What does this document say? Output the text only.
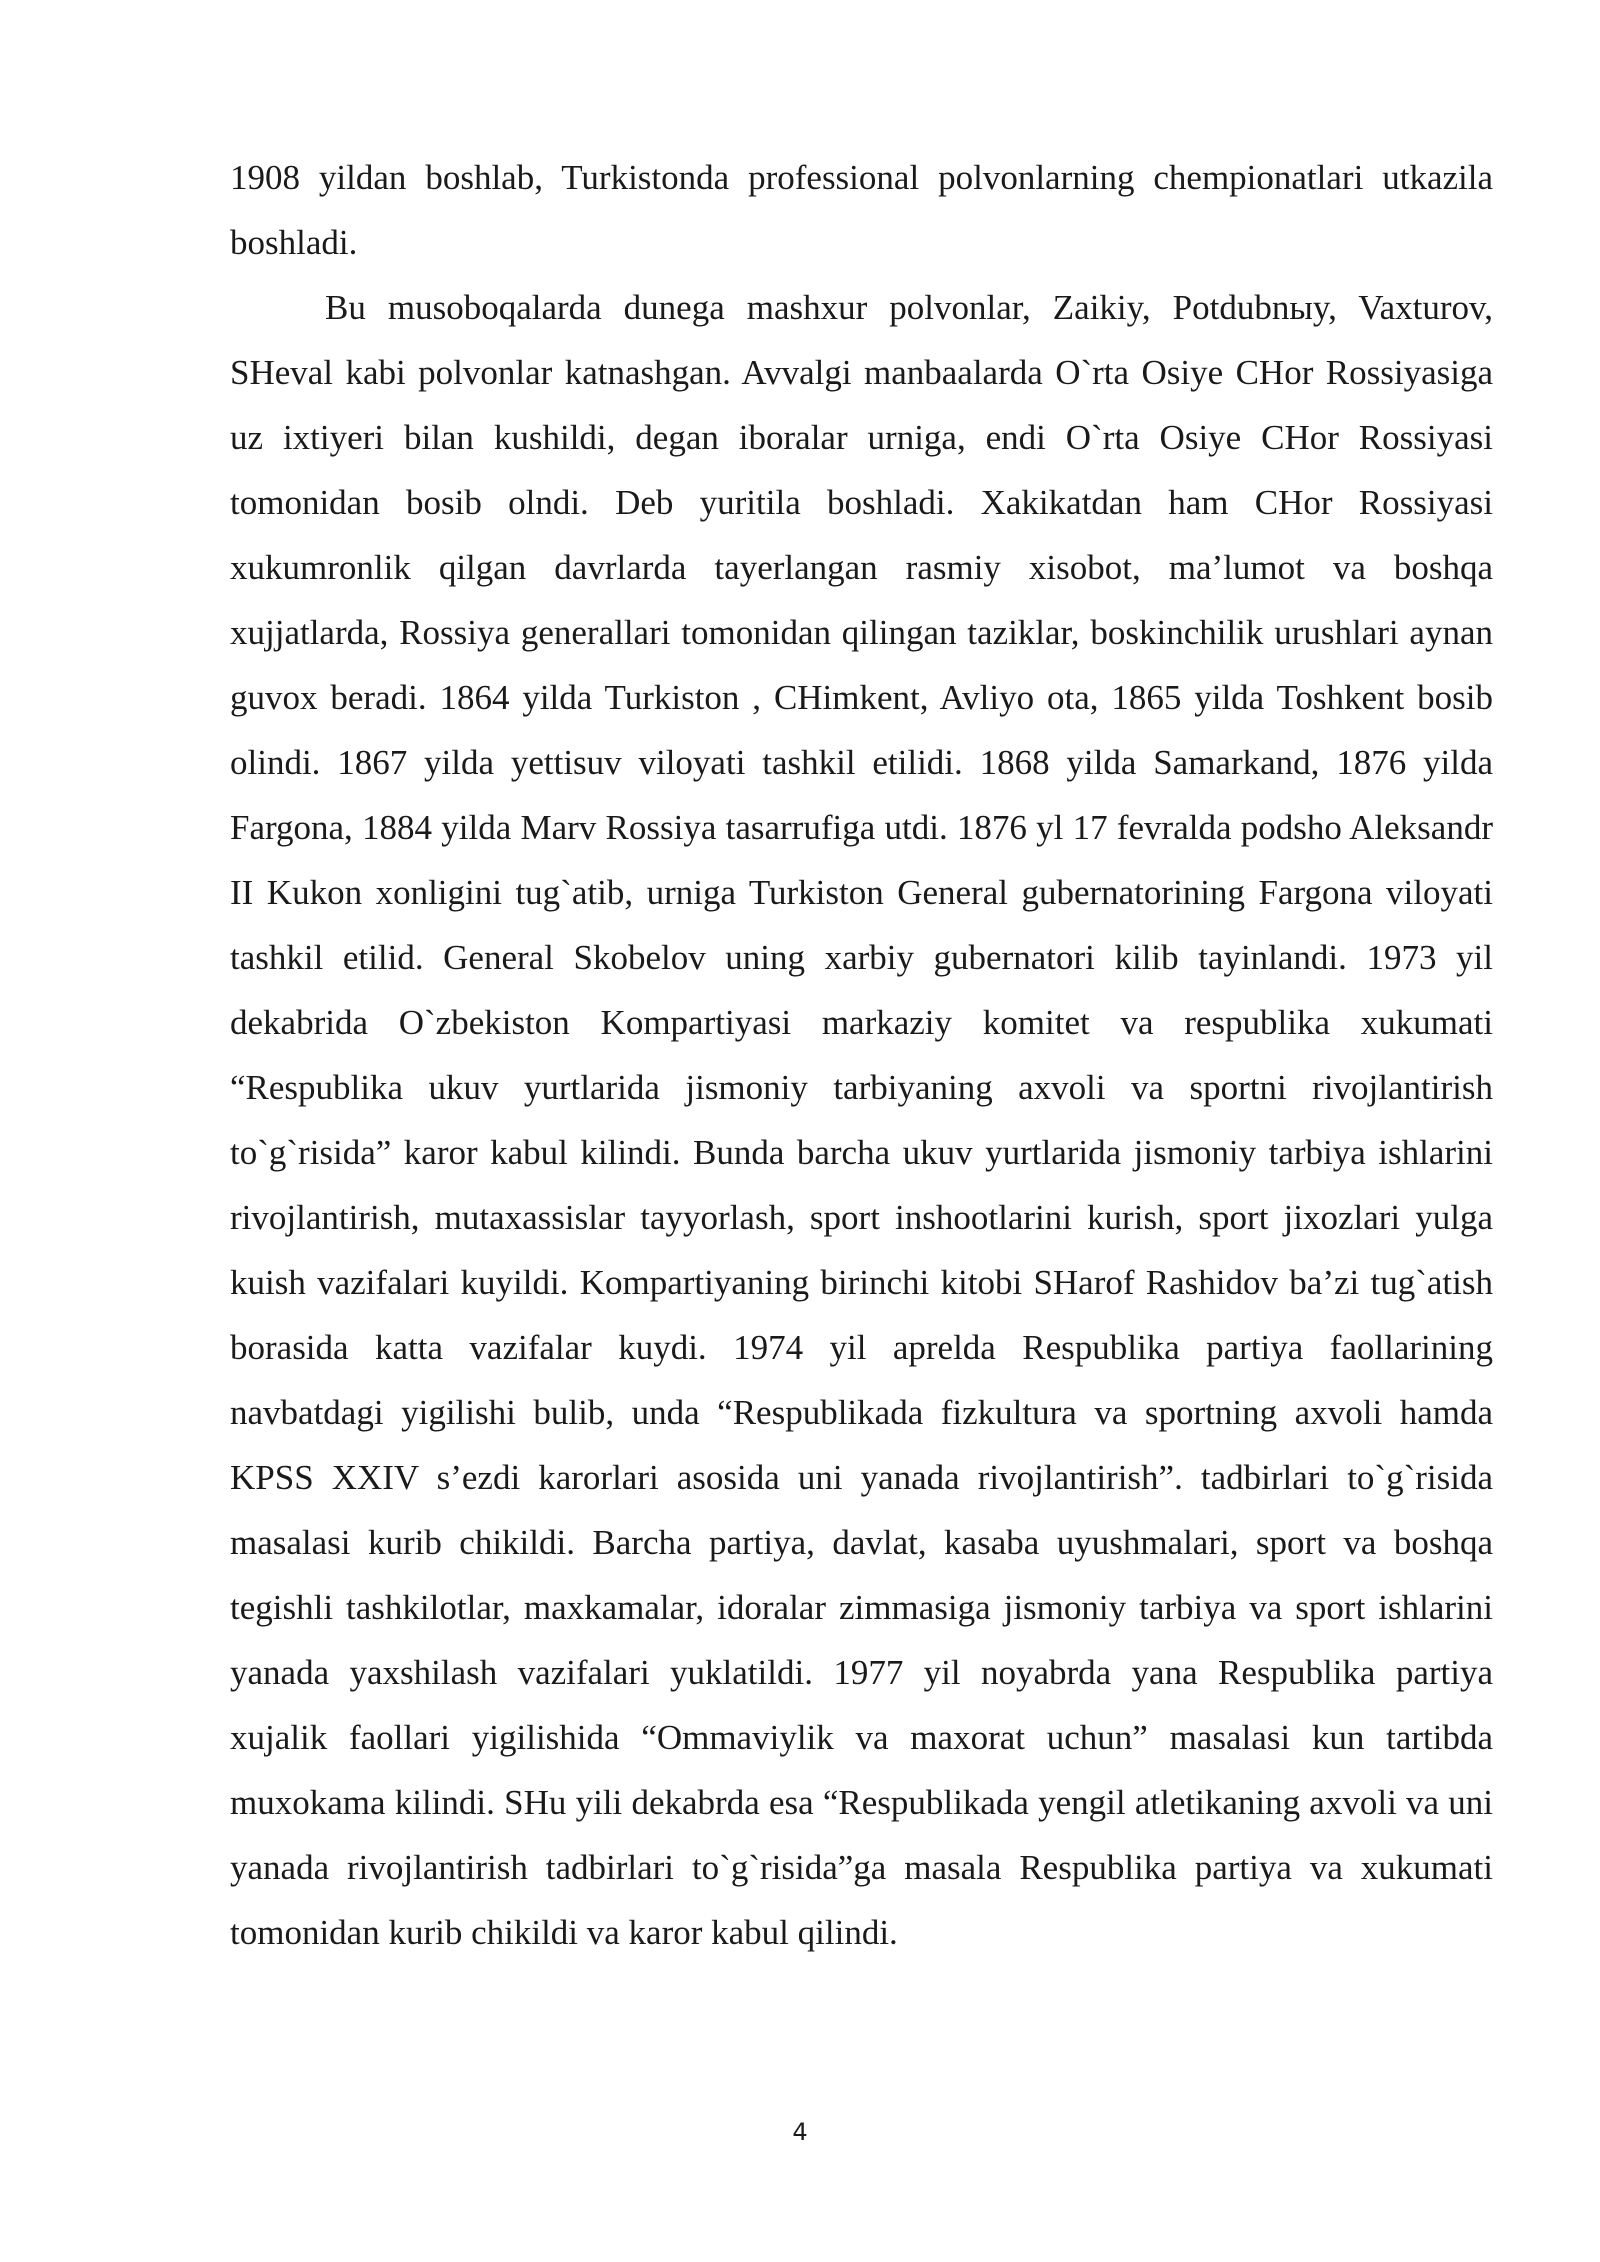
1908 yildan boshlab, Turkistonda professional polvonlarning chempionatlari utkazila boshladi.

Bu musoboqalarda dunega mashxur polvonlar, Zaikiy, Potdubnыy, Vaxturov, SHeval kabi polvonlar katnashgan. Avvalgi manbaalarda O`rta Osiye CHor Rossiyasiga uz ixtiyeri bilan kushildi, degan iboralar urniga, endi O`rta Osiye CHor Rossiyasi tomonidan bosib olndi. Deb yuritila boshladi. Xakikatdan ham CHor Rossiyasi xukumronlik qilgan davrlarda tayerlangan rasmiy xisobot, ma’lumot va boshqa xujjatlarda, Rossiya generallari tomonidan qilingan taziklar, boskinchilik urushlari aynan guvox beradi. 1864 yilda Turkiston , CHimkent, Avliyo ota, 1865 yilda Toshkent bosib olindi. 1867 yilda yettisuv viloyati tashkil etilidi. 1868 yilda Samarkand, 1876 yilda Fargona, 1884 yilda Marv Rossiya tasarrufiga utdi. 1876 yl 17 fevralda podsho Aleksandr II Kukon xonligini tug`atib, urniga Turkiston General gubernatorining Fargona viloyati tashkil etilid. General Skobelov uning xarbiy gubernatori kilib tayinlandi. 1973 yil dekabrida O`zbekiston Kompartiyasi markaziy komitet va respublika xukumati “Respublika ukuv yurtlarida jismoniy tarbiyaning axvoli va sportni rivojlantirish to`g`risida” karor kabul kilindi. Bunda barcha ukuv yurtlarida jismoniy tarbiya ishlarini rivojlantirish, mutaxassislar tayyorlash, sport inshootlarini kurish, sport jixozlari yulga kuish vazifalari kuyildi. Kompartiyaning birinchi kitobi SHarof Rashidov ba’zi tug`atish borasida katta vazifalar kuydi. 1974 yil aprelda Respublika partiya faollarining navbatdagi yigilishi bulib, unda “Respublikada fizkultura va sportning axvoli hamda KPSS XXIV s’ezdi karorlari asosida uni yanada rivojlantirish”. tadbirlari to`g`risida masalasi kurib chikildi. Barcha partiya, davlat, kasaba uyushmalari, sport va boshqa tegishli tashkilotlar, maxkamalar, idoralar zimmasiga jismoniy tarbiya va sport ishlarini yanada yaxshilash vazifalari yuklatildi. 1977 yil noyabrda yana Respublika partiya xujalik faollari yigilishida “Ommaviylik va maxorat uchun” masalasi kun tartibda muxokama kilindi. SHu yili dekabrda esa “Respublikada yengil atletikaning axvoli va uni yanada rivojlantirish tadbirlari to`g`risida”ga masala Respublika partiya va xukumati tomonidan kurib chikildi va karor kabul qilindi.

4
